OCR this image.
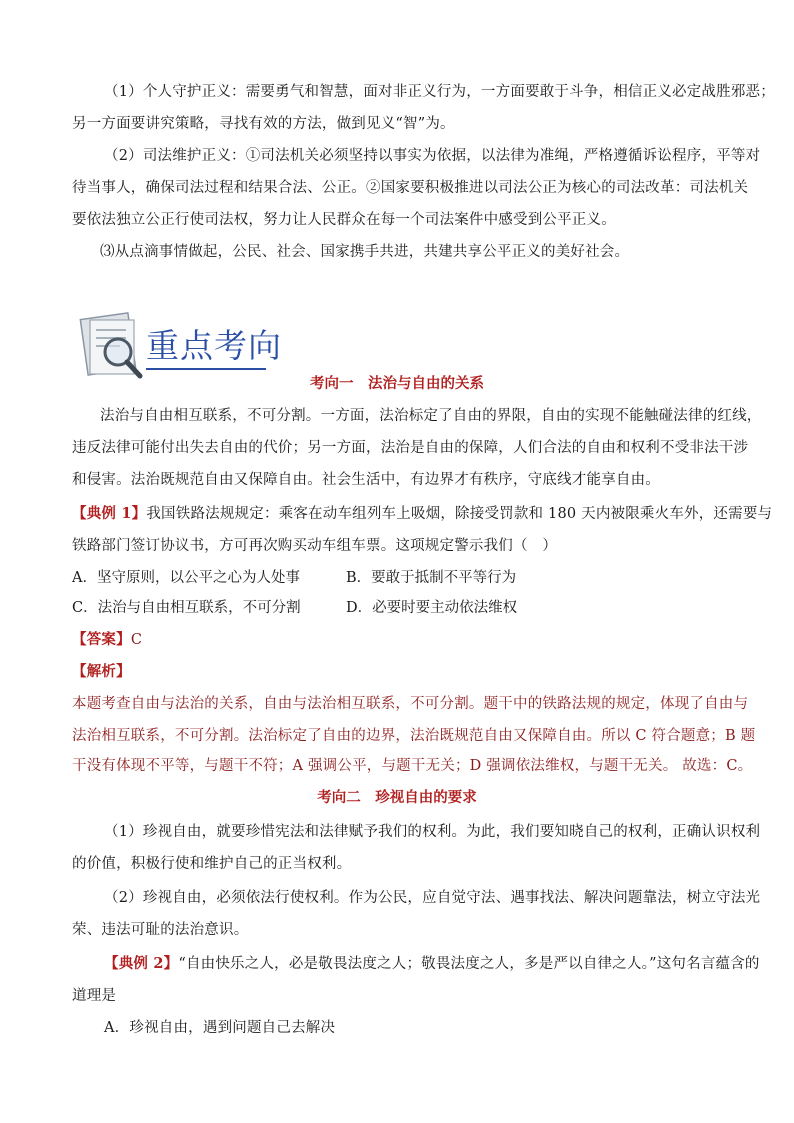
（1）个人守护正义：需要勇气和智慧，面对非正义行为，一方面要敢于斗争，相信正义必定战胜邪恶；
另一方面要讲究策略，寻找有效的方法，做到见义“智”为。
（2）司法维护正义：①司法机关必须坚持以事实为依据，以法律为准绳，严格遵循诉讼程序，平等对
待当事人，确保司法过程和结果合法、公正。②国家要积极推进以司法公正为核心的司法改革：司法机关
要依法独立公正行使司法权，努力让人民群众在每一个司法案件中感受到公平正义。
⑶从点滴事情做起，公民、社会、国家携手共进，共建共享公平正义的美好社会。
重点考向
考向一　法治与自由的关系
法治与自由相互联系，不可分割。一方面，法治标定了自由的界限，自由的实现不能触碰法律的红线，
违反法律可能付出失去自由的代价；另一方面，法治是自由的保障，人们合法的自由和权利不受非法干涉
和侵害。法治既规范自由又保障自由。社会生活中，有边界才有秩序，守底线才能享自由。
【典例 1】我国铁路法规规定：乘客在动车组列车上吸烟，除接受罚款和 180 天内被限乘火车外，还需要与
铁路部门签订协议书，方可再次购买动车组车票。这项规定警示我们（　）
A．坚守原则，以公平之心为人处事	B．要敢于抵制不平等行为
C．法治与自由相互联系，不可分割	D．必要时要主动依法维权
【答案】C
【解析】
本题考查自由与法治的关系，自由与法治相互联系，不可分割。题干中的铁路法规的规定，体现了自由与
法治相互联系，不可分割。法治标定了自由的边界，法治既规范自由又保障自由。所以 C 符合题意；B 题
干没有体现不平等，与题干不符；A 强调公平，与题干无关；D 强调依法维权，与题干无关。 故选：C。
考向二　珍视自由的要求
（1）珍视自由，就要珍惜宪法和法律赋予我们的权利。为此，我们要知晓自己的权利，正确认识权利
的价值，积极行使和维护自己的正当权利。
（2）珍视自由，必须依法行使权利。作为公民，应自觉守法、遇事找法、解决问题靠法，树立守法光
荣、违法可耻的法治意识。
【典例 2】“自由快乐之人，必是敬畏法度之人；敬畏法度之人，多是严以自律之人。”这句名言蕴含的
道理是
A．珍视自由，遇到问题自己去解决
